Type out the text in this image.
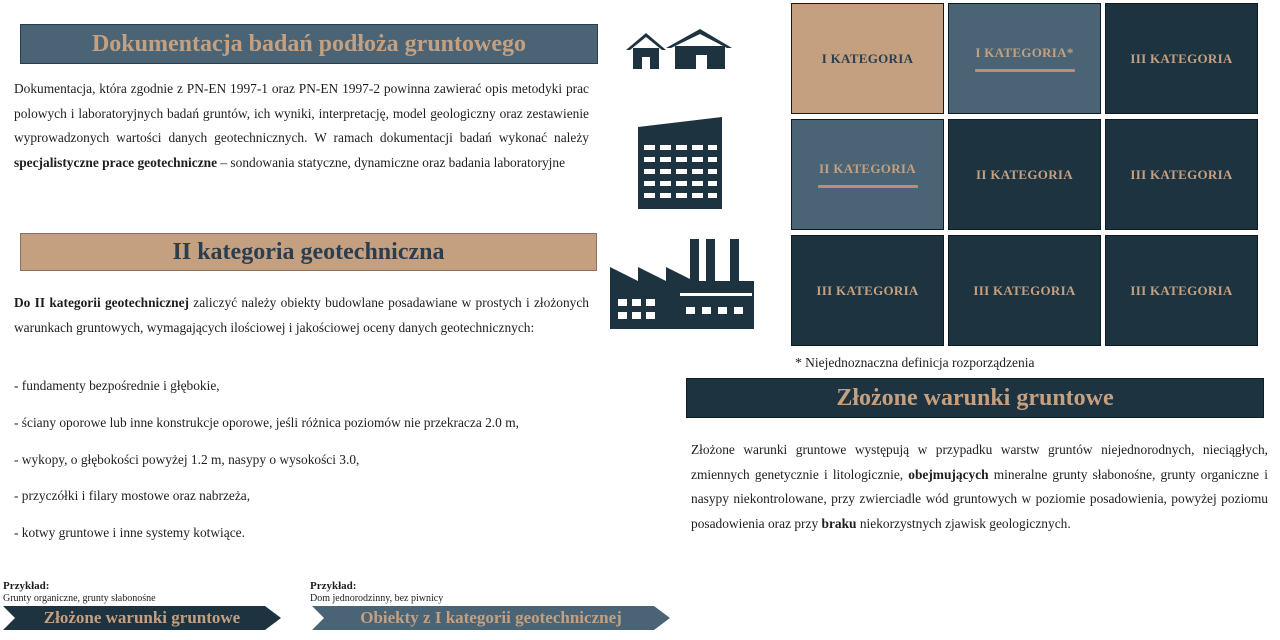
Dokumentacja badań podłoża gruntowego
Dokumentacja, która zgodnie z PN-EN 1997-1 oraz PN-EN 1997-2 powinna zawierać opis metodyki prac polowych i laboratoryjnych badań gruntów, ich wyniki, interpretację, model geologiczny oraz zestawienie wyprowadzonych wartości danych geotechnicznych. W ramach dokumentacji badań wykonać należy specjalistyczne prace geotechniczne – sondowania statyczne, dynamiczne oraz badania laboratoryjne
II kategoria geotechniczna
Do II kategorii geotechnicznej zaliczyć należy obiekty budowlane posadawiane w prostych i złożonych warunkach gruntowych, wymagających ilościowej i jakościowej oceny danych geotechnicznych:
- fundamenty bezpośrednie i głębokie,
- ściany oporowe lub inne konstrukcje oporowe, jeśli różnica poziomów nie przekracza 2.0 m,
- wykopy, o głębokości powyżej 1.2 m, nasypy o wysokości 3.0,
- przyczółki i filary mostowe oraz nabrzeża,
- kotwy gruntowe i inne systemy kotwiące.
Przykład:
Grunty organiczne, grunty słabonośne
Złożone warunki gruntowe
Przykład:
Dom jednorodzinny, bez piwnicy
Obiekty z I kategorii geotechnicznej
I KATEGORIA	I KATEGORIA*	III KATEGORIA
II KATEGORIA	II KATEGORIA	III KATEGORIA
III KATEGORIA	III KATEGORIA	III KATEGORIA
* Niejednoznaczna definicja rozporządzenia
Złożone warunki gruntowe
Złożone warunki gruntowe występują w przypadku warstw gruntów niejednorodnych, nieciągłych, zmiennych genetycznie i litologicznie, obejmujących mineralne grunty słabonośne, grunty organiczne i nasypy niekontrolowane, przy zwierciadle wód gruntowych w poziomie posadowienia, powyżej poziomu posadowienia oraz przy braku niekorzystnych zjawisk geologicznych.
